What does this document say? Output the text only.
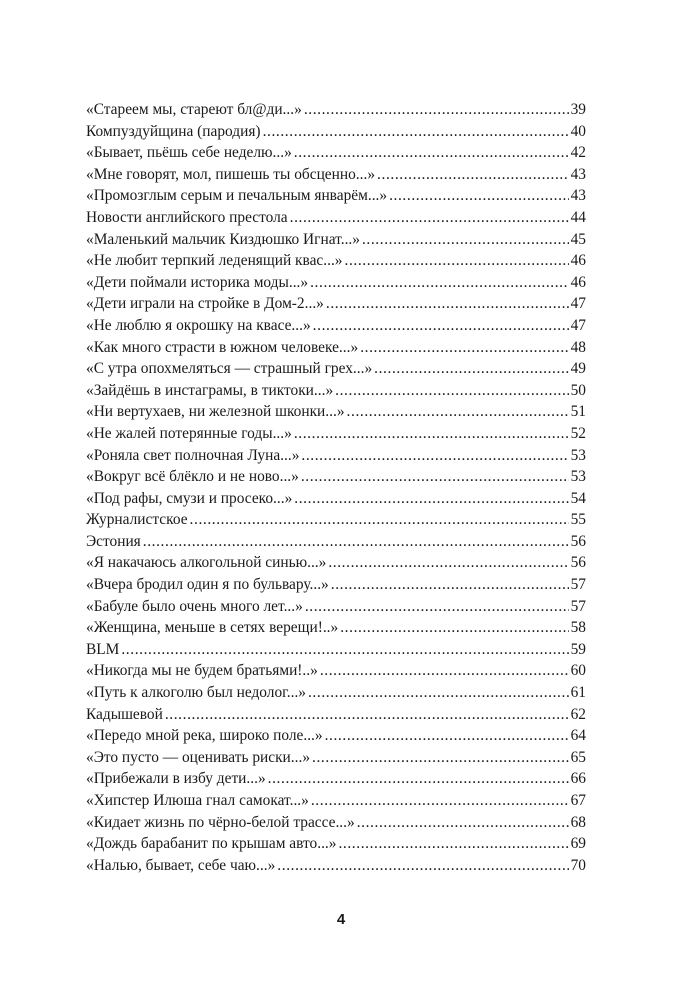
«Стареем мы, стареют бл@ди...» .....	39
Компуздуйщина (пародия) .....	40
«Бывает, пьёшь себе неделю...» .....	42
«Мне говорят, мол, пишешь ты обсценно...» .....	43
«Промозглым серым и печальным январём...» .....	43
Новости английского престола .....	44
«Маленький мальчик Киздюшко Игнат...» .....	45
«Не любит терпкий леденящий квас...» .....	46
«Дети поймали историка моды...» .....	46
«Дети играли на стройке в Дом-2...» .....	47
«Не люблю я окрошку на квасе...» .....	47
«Как много страсти в южном человеке...» .....	48
«С утра опохмеляться — страшный грех...» .....	49
«Зайдёшь в инстаграмы, в тиктоки...» .....	50
«Ни вертухаев, ни железной шконки...» .....	51
«Не жалей потерянные годы...» .....	52
«Роняла свет полночная Луна...» .....	53
«Вокруг всё блёкло и не ново...» .....	53
«Под рафы, смузи и просеко...» .....	54
Журналистское .....	55
Эстония .....	56
«Я накачаюсь алкогольной синью...» .....	56
«Вчера бродил один я по бульвару...» .....	57
«Бабуле было очень много лет...» .....	57
«Женщина, меньше в сетях верещи!..» .....	58
BLM .....	59
«Никогда мы не будем братьями!..» .....	60
«Путь к алкоголю был недолог...» .....	61
Кадышевой .....	62
«Передо мной река, широко поле...» .....	64
«Это пусто — оценивать риски...» .....	65
«Прибежали в избу дети...» .....	66
«Хипстер Илюша гнал самокат...» .....	67
«Кидает жизнь по чёрно-белой трассе...» .....	68
«Дождь барабанит по крышам авто...» .....	69
«Налью, бывает, себе чаю...» .....	70
4
